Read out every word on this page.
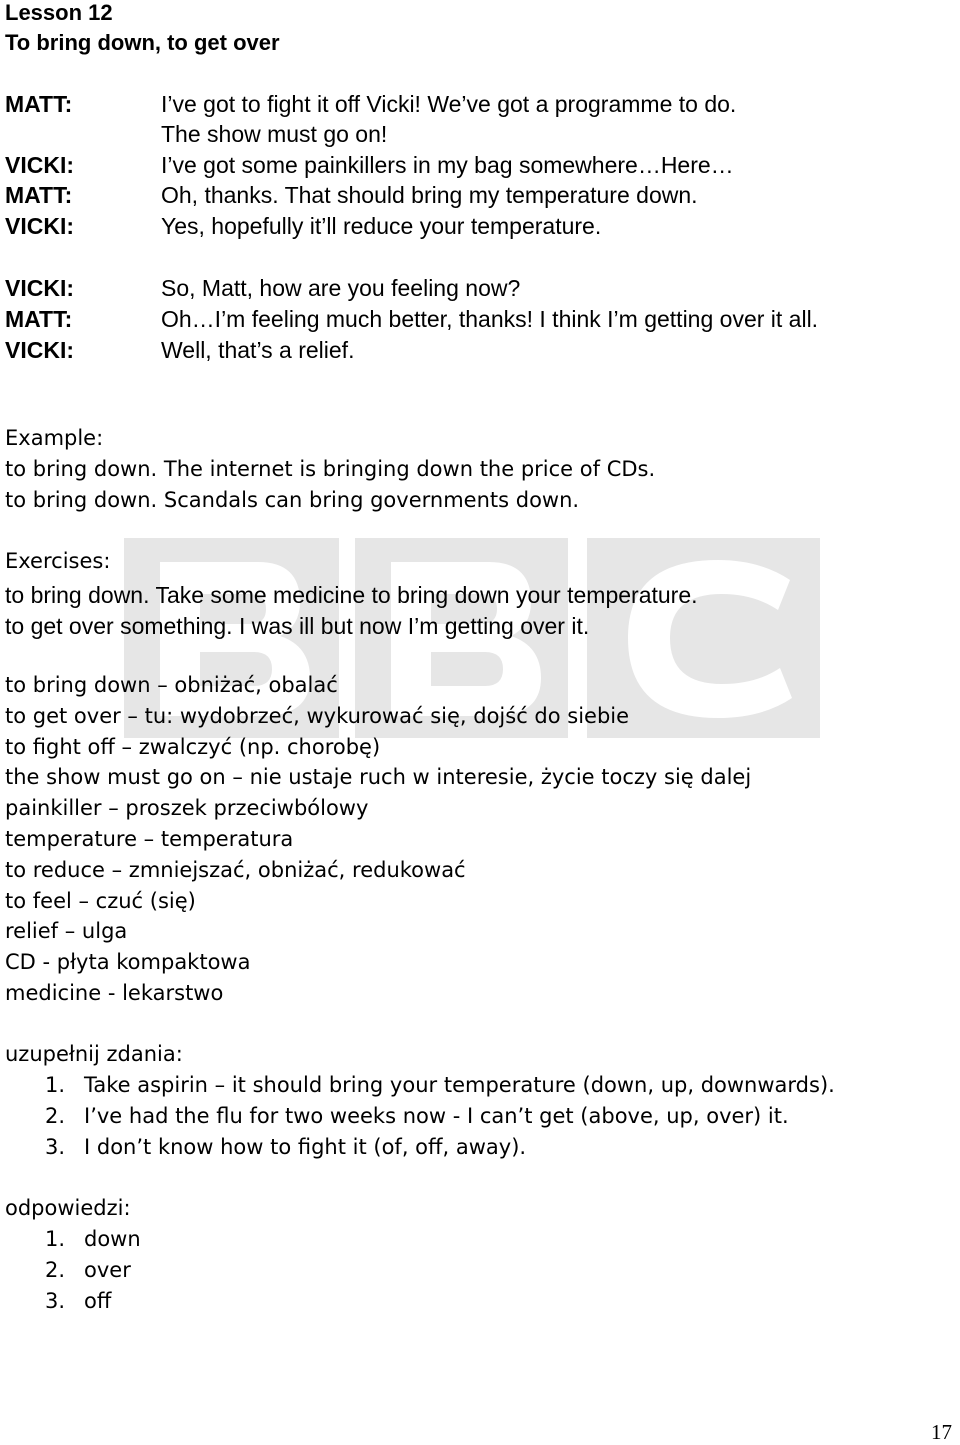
Lesson 12
To bring down, to get over
MATT:	I’ve got to fight it off Vicki! We’ve got a programme to do.
The show must go on!
VICKI:	I’ve got some painkillers in my bag somewhere…Here…
MATT:	Oh, thanks. That should bring my temperature down.
VICKI:	Yes, hopefully it’ll reduce your temperature.
VICKI:	So, Matt, how are you feeling now?
MATT:	Oh…I’m feeling much better, thanks! I think I’m getting over it all.
VICKI:	Well, that’s a relief.
Example:
to bring down. The internet is bringing down the price of CDs.
to bring down. Scandals can bring governments down.
Exercises:
to bring down. Take some medicine to bring down your temperature.
to get over something. I was ill but now I’m getting over it.
to bring down – obniżać, obalać
to get over – tu: wydobrzeć, wykurować się, dojść do siebie
to fight off – zwalczyć (np. chorobę)
the show must go on – nie ustaje ruch w interesie, życie toczy się dalej
painkiller – proszek przeciwbólowy
temperature – temperatura
to reduce – zmniejszać, obniżać, redukować
to feel – czuć (się)
relief – ulga
CD - płyta kompaktowa
medicine - lekarstwo
uzupełnij zdania:
1. Take aspirin – it should bring your temperature (down, up, downwards).
2. I’ve had the flu for two weeks now - I can’t get (above, up, over) it.
3. I don’t know how to fight it (of, off, away).
odpowiedzi:
1. down
2. over
3. off
17
